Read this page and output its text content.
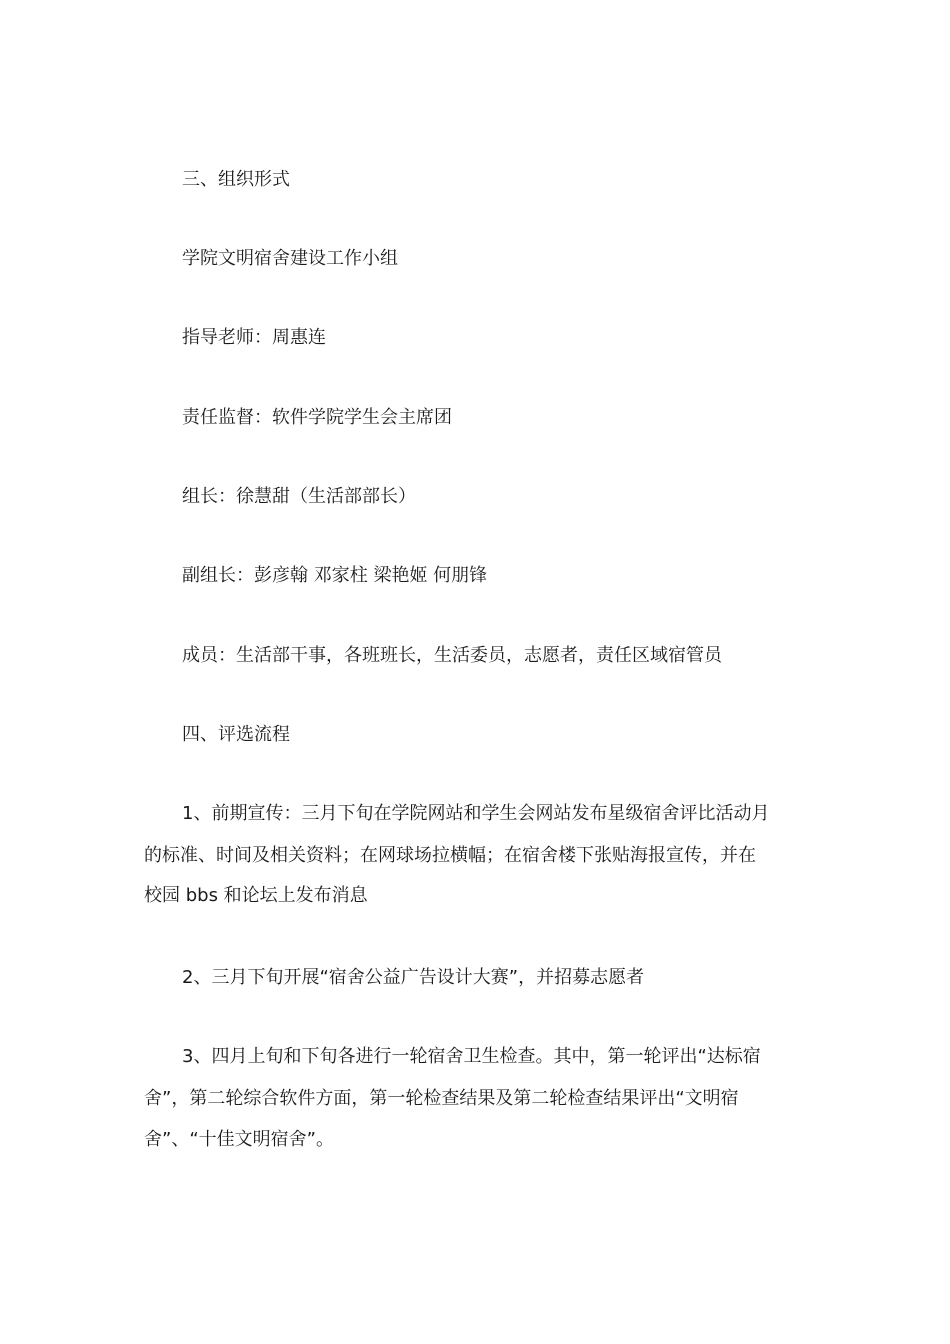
三、组织形式
学院文明宿舍建设工作小组
指导老师：周惠连
责任监督：软件学院学生会主席团
组长：徐慧甜（生活部部长）
副组长：彭彦翰 邓家柱 梁艳姬 何朋锋
成员：生活部干事，各班班长，生活委员，志愿者，责任区域宿管员
四、评选流程
1、前期宣传：三月下旬在学院网站和学生会网站发布星级宿舍评比活动月
的标准、时间及相关资料；在网球场拉横幅；在宿舍楼下张贴海报宣传，并在
校园 bbs 和论坛上发布消息
2、三月下旬开展“宿舍公益广告设计大赛”，并招募志愿者
3、四月上旬和下旬各进行一轮宿舍卫生检查。其中，第一轮评出“达标宿
舍”，第二轮综合软件方面，第一轮检查结果及第二轮检查结果评出“文明宿
舍”、“十佳文明宿舍”。
